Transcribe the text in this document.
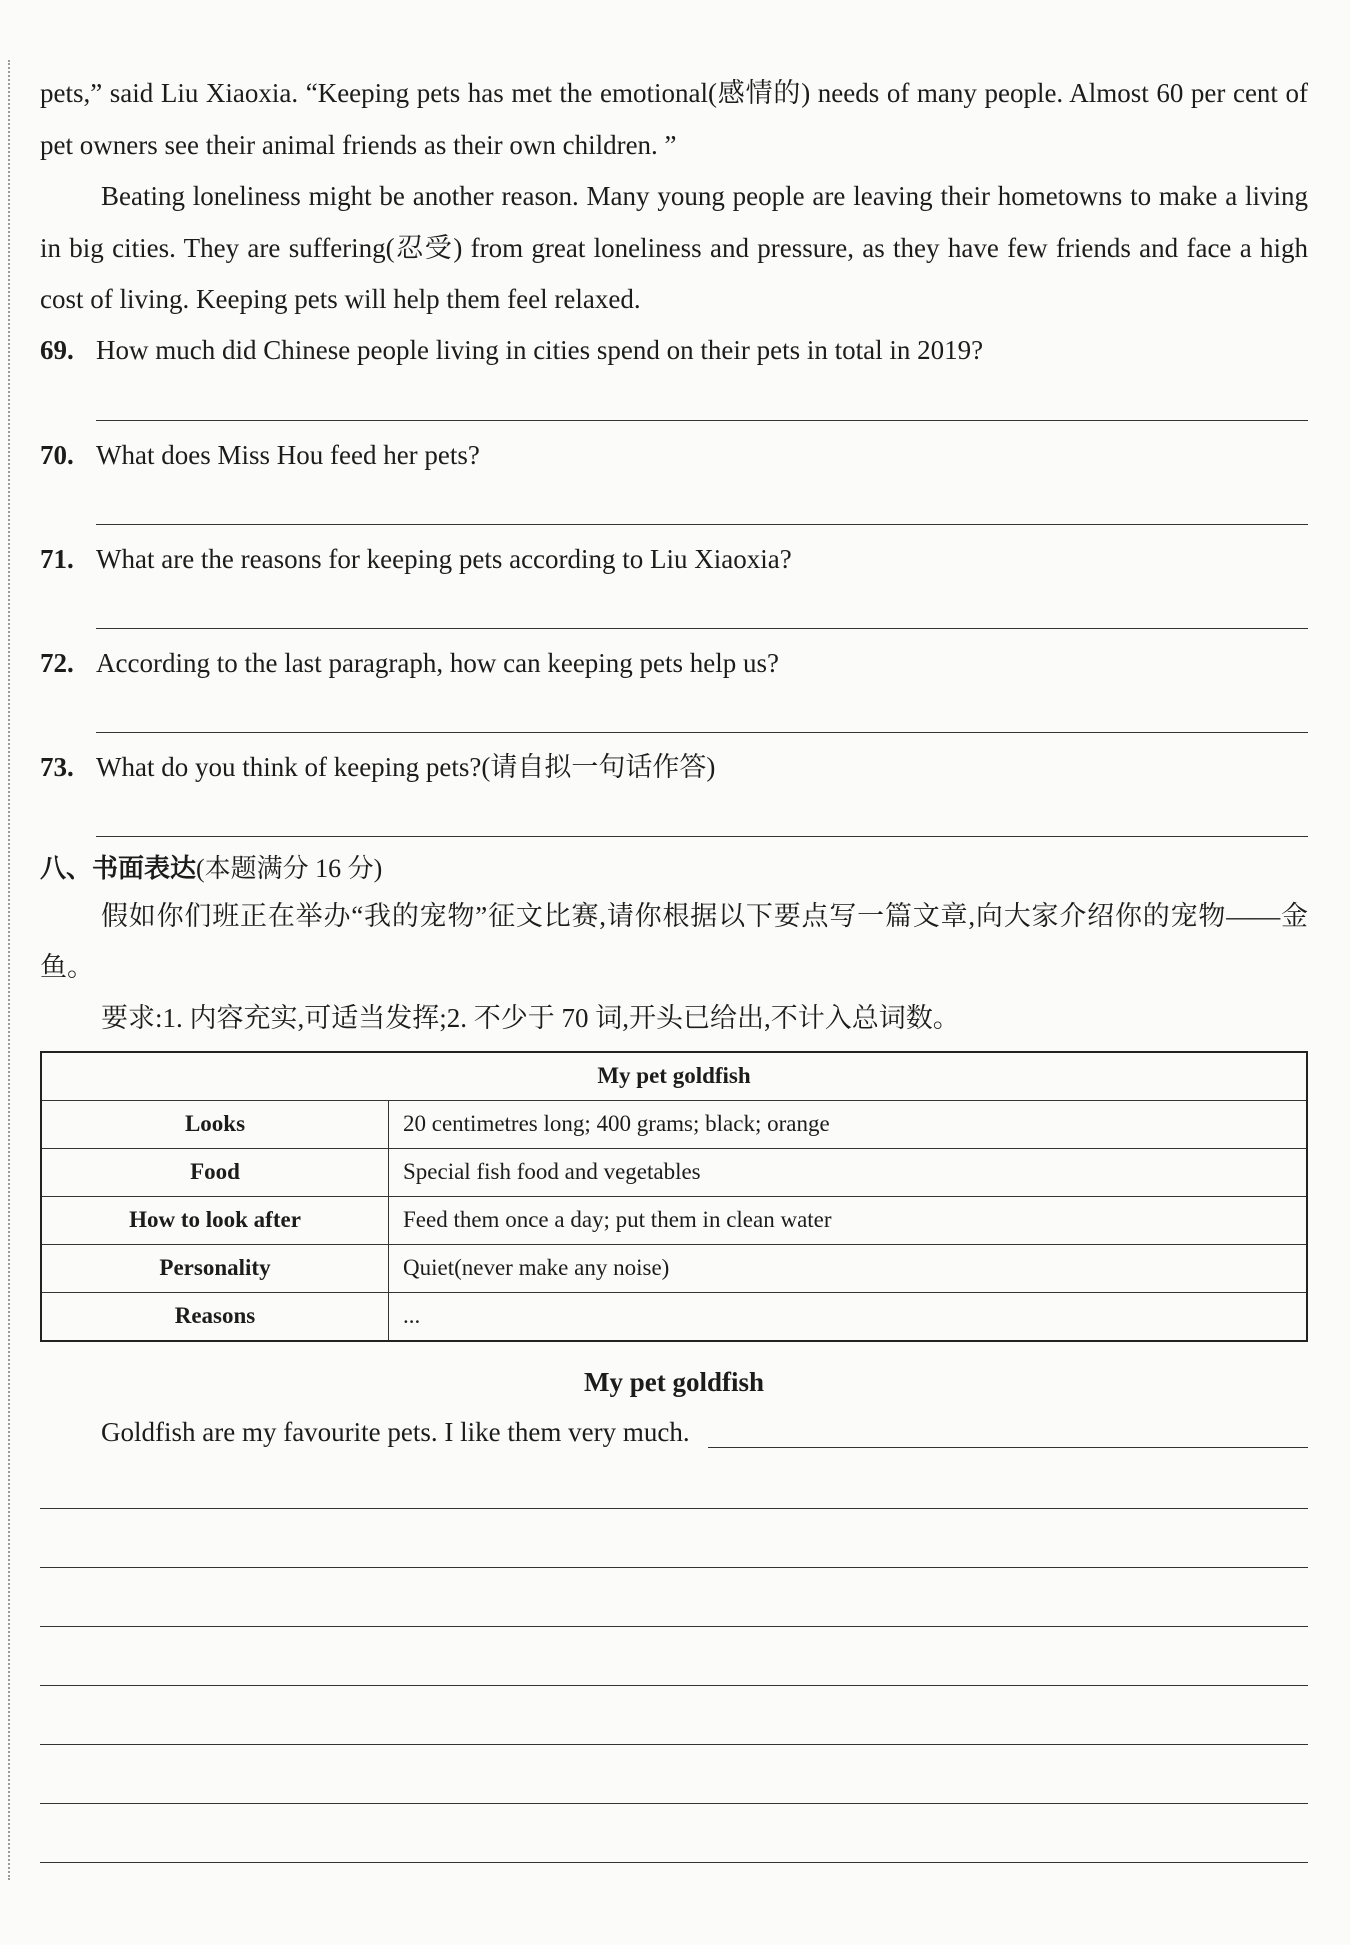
pets,” said Liu Xiaoxia. “Keeping pets has met the emotional(感情的) needs of many people. Almost 60 per cent of pet owners see their animal friends as their own children. ”

Beating loneliness might be another reason. Many young people are leaving their hometowns to make a living in big cities. They are suffering(忍受) from great loneliness and pressure, as they have few friends and face a high cost of living. Keeping pets will help them feel relaxed.

69. How much did Chinese people living in cities spend on their pets in total in 2019?
70. What does Miss Hou feed her pets?
71. What are the reasons for keeping pets according to Liu Xiaoxia?
72. According to the last paragraph, how can keeping pets help us?
73. What do you think of keeping pets?(请自拟一句话作答)

八、书面表达(本题满分 16 分)

假如你们班正在举办“我的宠物”征文比赛,请你根据以下要点写一篇文章,向大家介绍你的宠物——金鱼。

要求:1. 内容充实,可适当发挥;2. 不少于 70 词,开头已给出,不计入总词数。

My pet goldfish	
Looks	20 centimetres long; 400 grams; black; orange
Food	Special fish food and vegetables
How to look after	Feed them once a day; put them in clean water
Personality	Quiet(never make any noise)
Reasons	...

My pet goldfish

Goldfish are my favourite pets. I like them very much.
